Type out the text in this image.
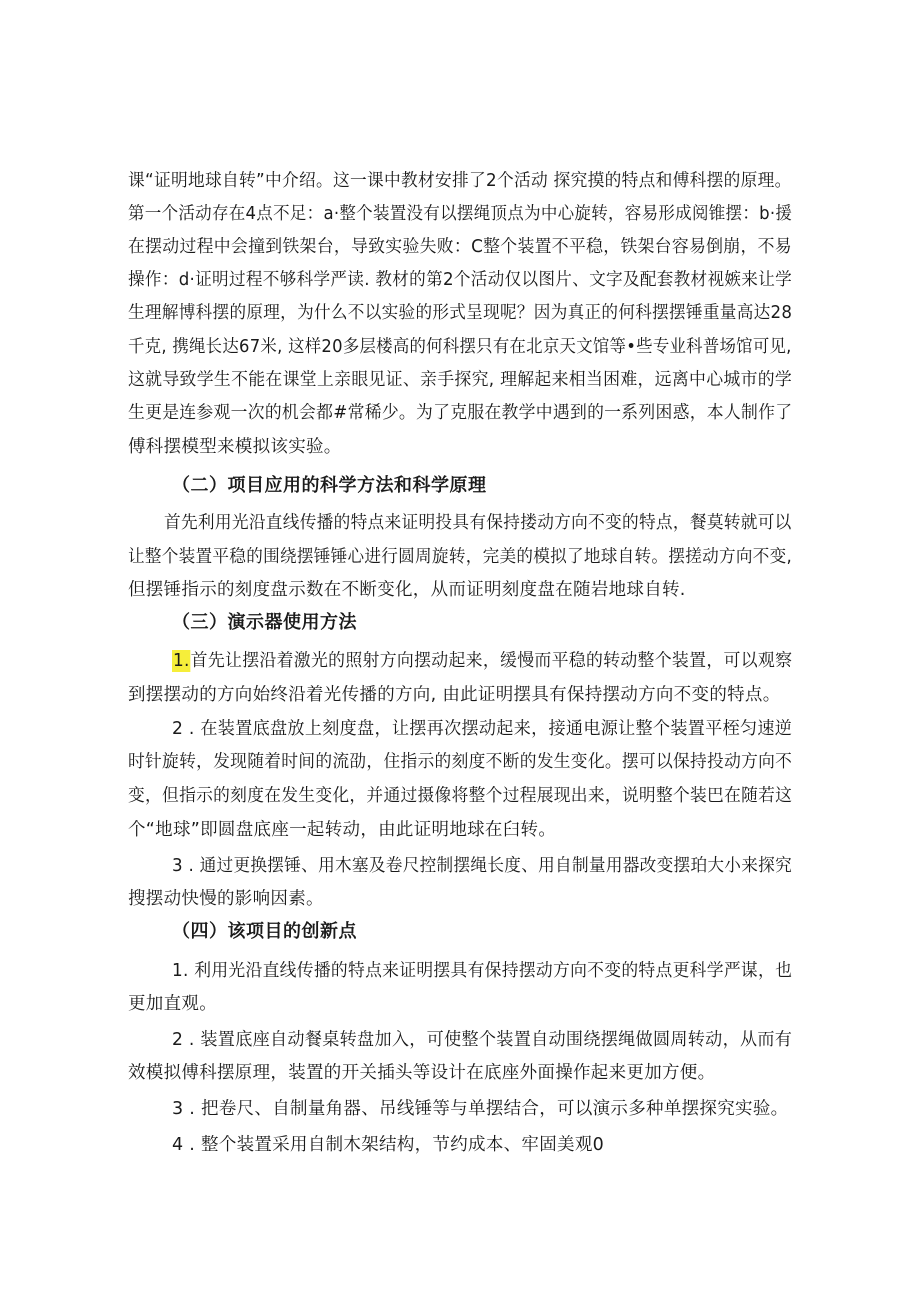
课“证明地球自转”中介绍。这一课中教材安排了2个活动 探究摸的特点和傅科摆的原理。
第一个活动存在4点不足：a·整个装置没有以摆绳顶点为中心旋转，容易形成阅锥摆：b·援
在摆动过程中会撞到铁架台，导致实验失败：C整个装置不平稳，铁架台容易倒崩，不易
操作：d·证明过程不够科学严读. 教材的第2个活动仅以图片、文字及配套教材视嫉来让学
生理解博科摆的原理，为什么不以实验的形式呈现呢？因为真正的何科摆摆锤重量高达28
千克, 携绳长达67米, 这样20多层楼高的何科摆只有在北京天文馆等•些专业科普场馆可见,
这就导致学生不能在课堂上亲眼见证、亲手探究, 理解起来相当困难，远离中心城市的学
生更是连参观一次的机会都#常稀少。为了克服在教学中遇到的一系列困惑，本人制作了
傅科摆模型来模拟该实验。
（二）项目应用的科学方法和科学原理
首先利用光沿直线传播的特点来证明投具有保持搂动方向不变的特点，餐莫转就可以
让整个装置平稳的围绕摆锤锤心进行圆周旋转，完美的模拟了地球自转。摆搓动方向不变,
但摆锤指示的刻度盘示数在不断变化，从而证明刻度盘在随岩地球自转.
（三）演示器使用方法
1.首先让摆沿着激光的照射方向摆动起来，缓慢而平稳的转动整个装置，可以观察
到摆摆动的方向始终沿着光传播的方向, 由此证明摆具有保持摆动方向不变的特点。
2 . 在装置底盘放上刻度盘，让摆再次摆动起来，接通电源让整个装置平桎匀速逆
时针旋转，发现随着时间的流劭，住指示的刻度不断的发生变化。摆可以保持投动方向不
变，但指示的刻度在发生变化，并通过摄像将整个过程展现出来，说明整个装巴在随若这
个“地球”即圆盘底座一起转动，由此证明地球在臼转。
3 . 通过更换摆锤、用木塞及卷尺控制摆绳长度、用自制量用器改变摆珀大小来探究
搜摆动快慢的影响因素。
（四）该项目的创新点
1. 利用光沿直线传播的特点来证明摆具有保持摆动方向不变的特点更科学严谋，也
更加直观。
2 . 装置底座自动餐桌转盘加入，可使整个装置自动围绕摆绳做圆周转动，从而有
效模拟傅科摆原理，装置的开关插头等设计在底座外面操作起来更加方便。
3 . 把卷尺、自制量角器、吊线锤等与单摆结合，可以演示多种单摆探究实验。
4 . 整个装置采用自制木架结构，节约成本、牢固美观0
